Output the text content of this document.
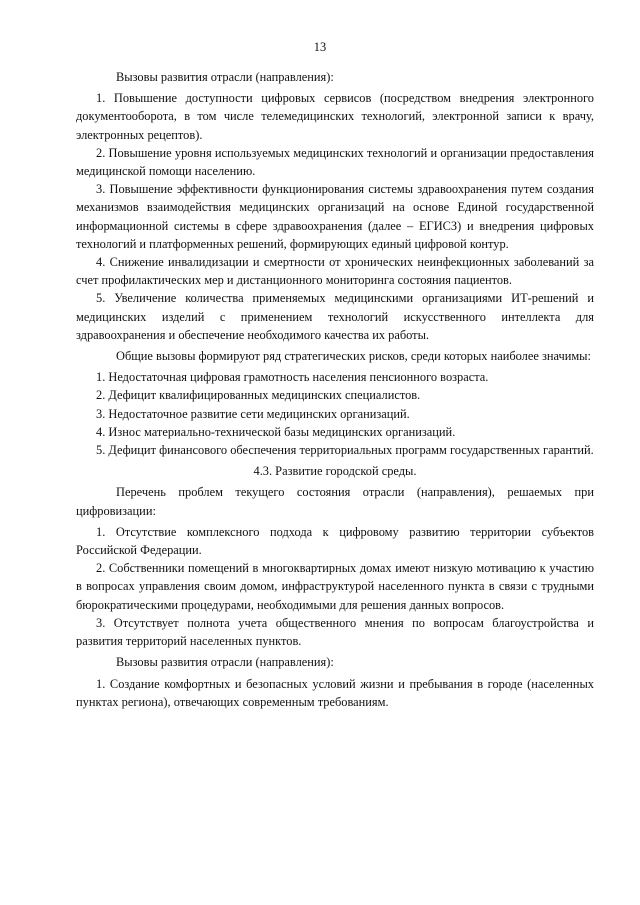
13

Вызовы развития отрасли (направления):

1. Повышение доступности цифровых сервисов (посредством внедрения электронного документооборота, в том числе телемедицинских технологий, электронной записи к врачу, электронных рецептов).

2. Повышение уровня используемых медицинских технологий и организации предоставления медицинской помощи населению.

3. Повышение эффективности функционирования системы здравоохранения путем создания механизмов взаимодействия медицинских организаций на основе Единой государственной информационной системы в сфере здравоохранения (далее – ЕГИСЗ) и внедрения цифровых технологий и платформенных решений, формирующих единый цифровой контур.

4. Снижение инвалидизации и смертности от хронических неинфекционных заболеваний за счет профилактических мер и дистанционного мониторинга состояния пациентов.

5. Увеличение количества применяемых медицинскими организациями ИТ-решений и медицинских изделий с применением технологий искусственного интеллекта для здравоохранения и обеспечение необходимого качества их работы.

Общие вызовы формируют ряд стратегических рисков, среди которых наиболее значимы:

1. Недостаточная цифровая грамотность населения пенсионного возраста.

2. Дефицит квалифицированных медицинских специалистов.

3. Недостаточное развитие сети медицинских организаций.

4. Износ материально-технической базы медицинских организаций.

5. Дефицит финансового обеспечения территориальных программ государственных гарантий.

4.3. Развитие городской среды.

Перечень проблем текущего состояния отрасли (направления), решаемых при цифровизации:

1. Отсутствие комплексного подхода к цифровому развитию территории субъектов Российской Федерации.

2. Собственники помещений в многоквартирных домах имеют низкую мотивацию к участию в вопросах управления своим домом, инфраструктурой населенного пункта в связи с трудными бюрократическими процедурами, необходимыми для решения данных вопросов.

3. Отсутствует полнота учета общественного мнения по вопросам благоустройства и развития территорий населенных пунктов.

Вызовы развития отрасли (направления):

1. Создание комфортных и безопасных условий жизни и пребывания в городе (населенных пунктах региона), отвечающих современным требованиям.
